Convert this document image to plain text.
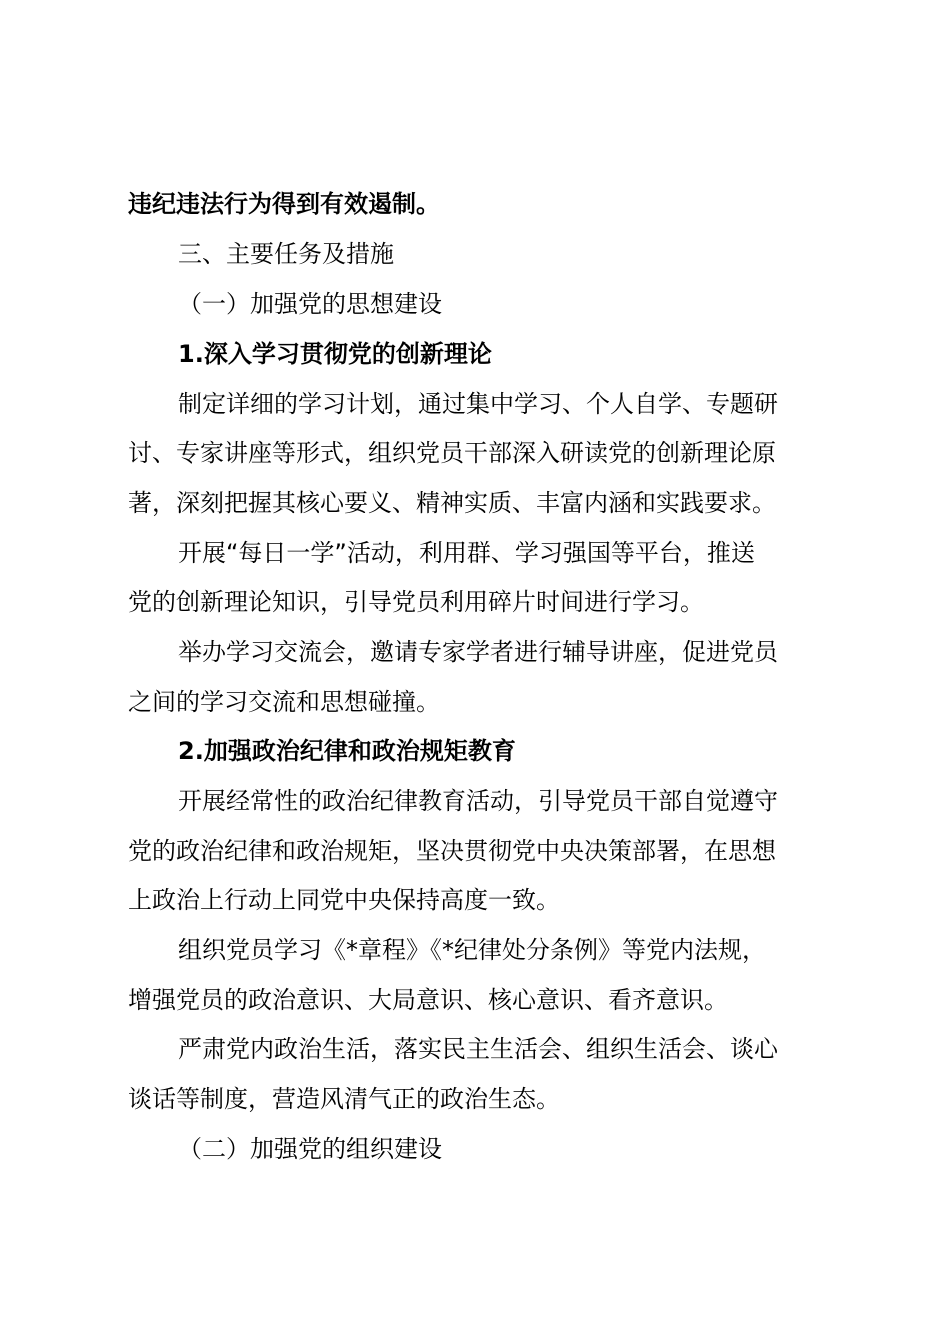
违纪违法行为得到有效遏制。
三、主要任务及措施
（一）加强党的思想建设
1.深入学习贯彻党的创新理论
制定详细的学习计划，通过集中学习、个人自学、专题研
讨、专家讲座等形式，组织党员干部深入研读党的创新理论原
著，深刻把握其核心要义、精神实质、丰富内涵和实践要求。
开展“每日一学”活动，利用群、学习强国等平台，推送
党的创新理论知识，引导党员利用碎片时间进行学习。
举办学习交流会，邀请专家学者进行辅导讲座，促进党员
之间的学习交流和思想碰撞。
2.加强政治纪律和政治规矩教育
开展经常性的政治纪律教育活动，引导党员干部自觉遵守
党的政治纪律和政治规矩，坚决贯彻党中央决策部署，在思想
上政治上行动上同党中央保持高度一致。
组织党员学习《*章程》《*纪律处分条例》等党内法规，
增强党员的政治意识、大局意识、核心意识、看齐意识。
严肃党内政治生活，落实民主生活会、组织生活会、谈心
谈话等制度，营造风清气正的政治生态。
（二）加强党的组织建设
